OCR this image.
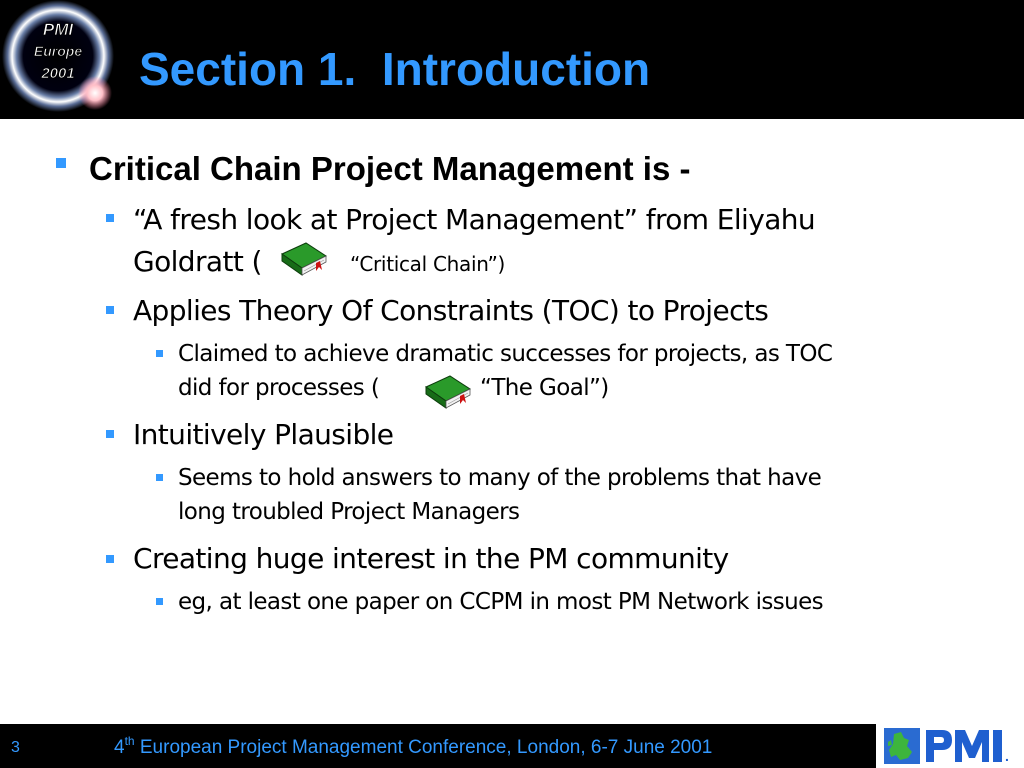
PMI
Europe
2001 Section 1.  Introduction
Critical Chain Project Management is -
“A fresh look at Project Management” from Eliyahu
Goldratt (	“Critical Chain”)
Applies Theory Of Constraints (TOC) to Projects
Claimed to achieve dramatic successes for projects, as TOC
did for processes (	“The Goal”)
Intuitively Plausible
Seems to hold answers to many of the problems that have
long troubled Project Managers
Creating huge interest in the PM community
eg, at least one paper on CCPM in most PM Network issues
3	4th European Project Management Conference, London, 6-7 June 2001	.
